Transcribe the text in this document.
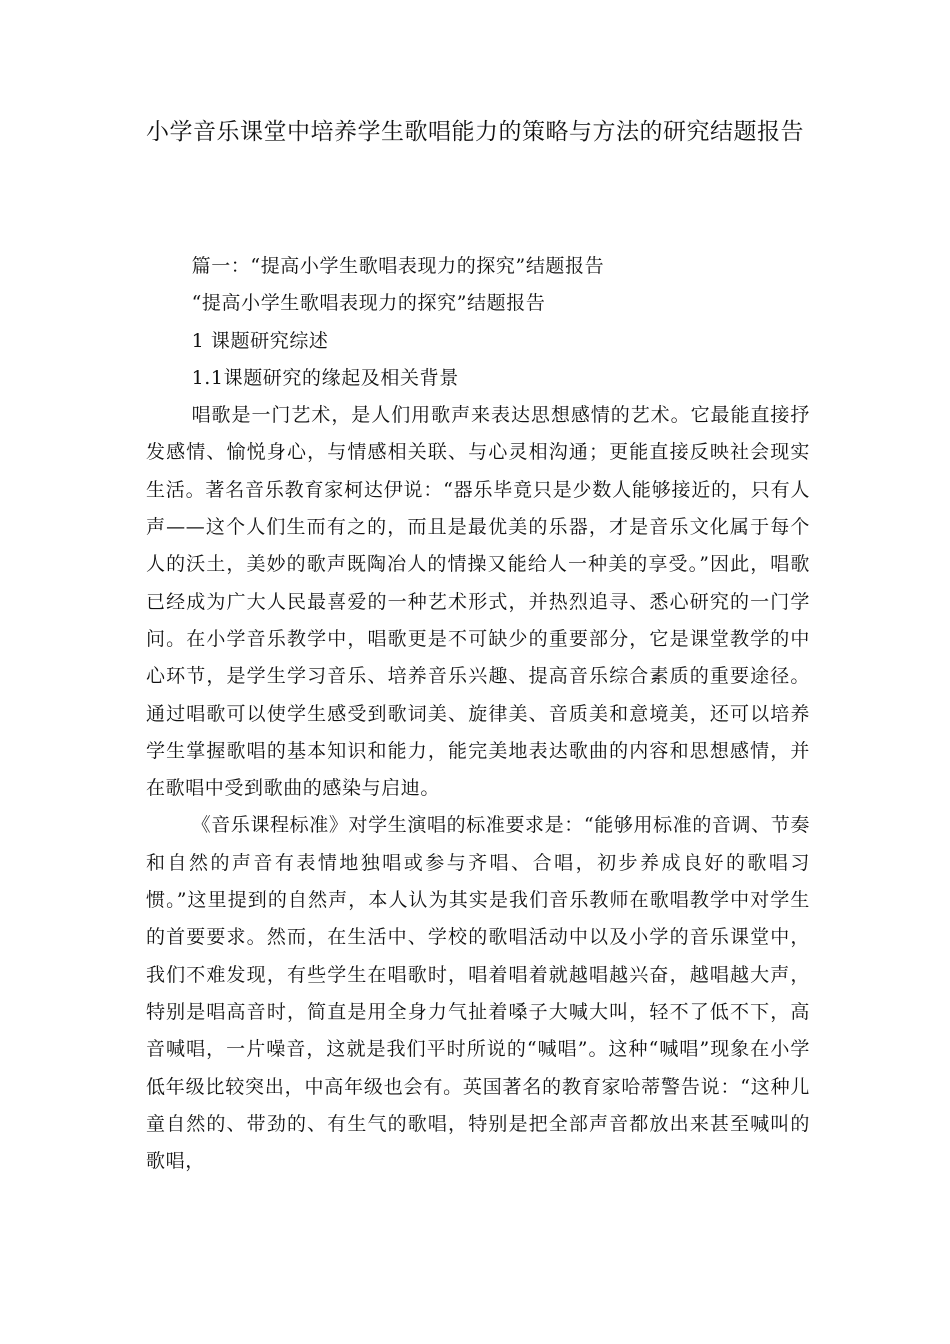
小学音乐课堂中培养学生歌唱能力的策略与方法的研究结题报告

篇一：“提高小学生歌唱表现力的探究”结题报告

“提高小学生歌唱表现力的探究”结题报告

1 课题研究综述

1.1课题研究的缘起及相关背景

唱歌是一门艺术，是人们用歌声来表达思想感情的艺术。它最能直接抒发感情、愉悦身心，与情感相关联、与心灵相沟通；更能直接反映社会现实生活。著名音乐教育家柯达伊说：“器乐毕竟只是少数人能够接近的，只有人声——这个人们生而有之的，而且是最优美的乐器，才是音乐文化属于每个人的沃土，美妙的歌声既陶冶人的情操又能给人一种美的享受。”因此，唱歌已经成为广大人民最喜爱的一种艺术形式，并热烈追寻、悉心研究的一门学问。在小学音乐教学中，唱歌更是不可缺少的重要部分，它是课堂教学的中心环节，是学生学习音乐、培养音乐兴趣、提高音乐综合素质的重要途径。通过唱歌可以使学生感受到歌词美、旋律美、音质美和意境美，还可以培养学生掌握歌唱的基本知识和能力，能完美地表达歌曲的内容和思想感情，并在歌唱中受到歌曲的感染与启迪。

《音乐课程标准》对学生演唱的标准要求是：“能够用标准的音调、节奏和自然的声音有表情地独唱或参与齐唱、合唱，初步养成良好的歌唱习惯。”这里提到的自然声，本人认为其实是我们音乐教师在歌唱教学中对学生的首要要求。然而，在生活中、学校的歌唱活动中以及小学的音乐课堂中，我们不难发现，有些学生在唱歌时，唱着唱着就越唱越兴奋，越唱越大声，特别是唱高音时，简直是用全身力气扯着嗓子大喊大叫，轻不了低不下，高音喊唱，一片噪音，这就是我们平时所说的“喊唱”。这种“喊唱”现象在小学低年级比较突出，中高年级也会有。英国著名的教育家哈蒂警告说：“这种儿童自然的、带劲的、有生气的歌唱，特别是把全部声音都放出来甚至喊叫的歌唱，
